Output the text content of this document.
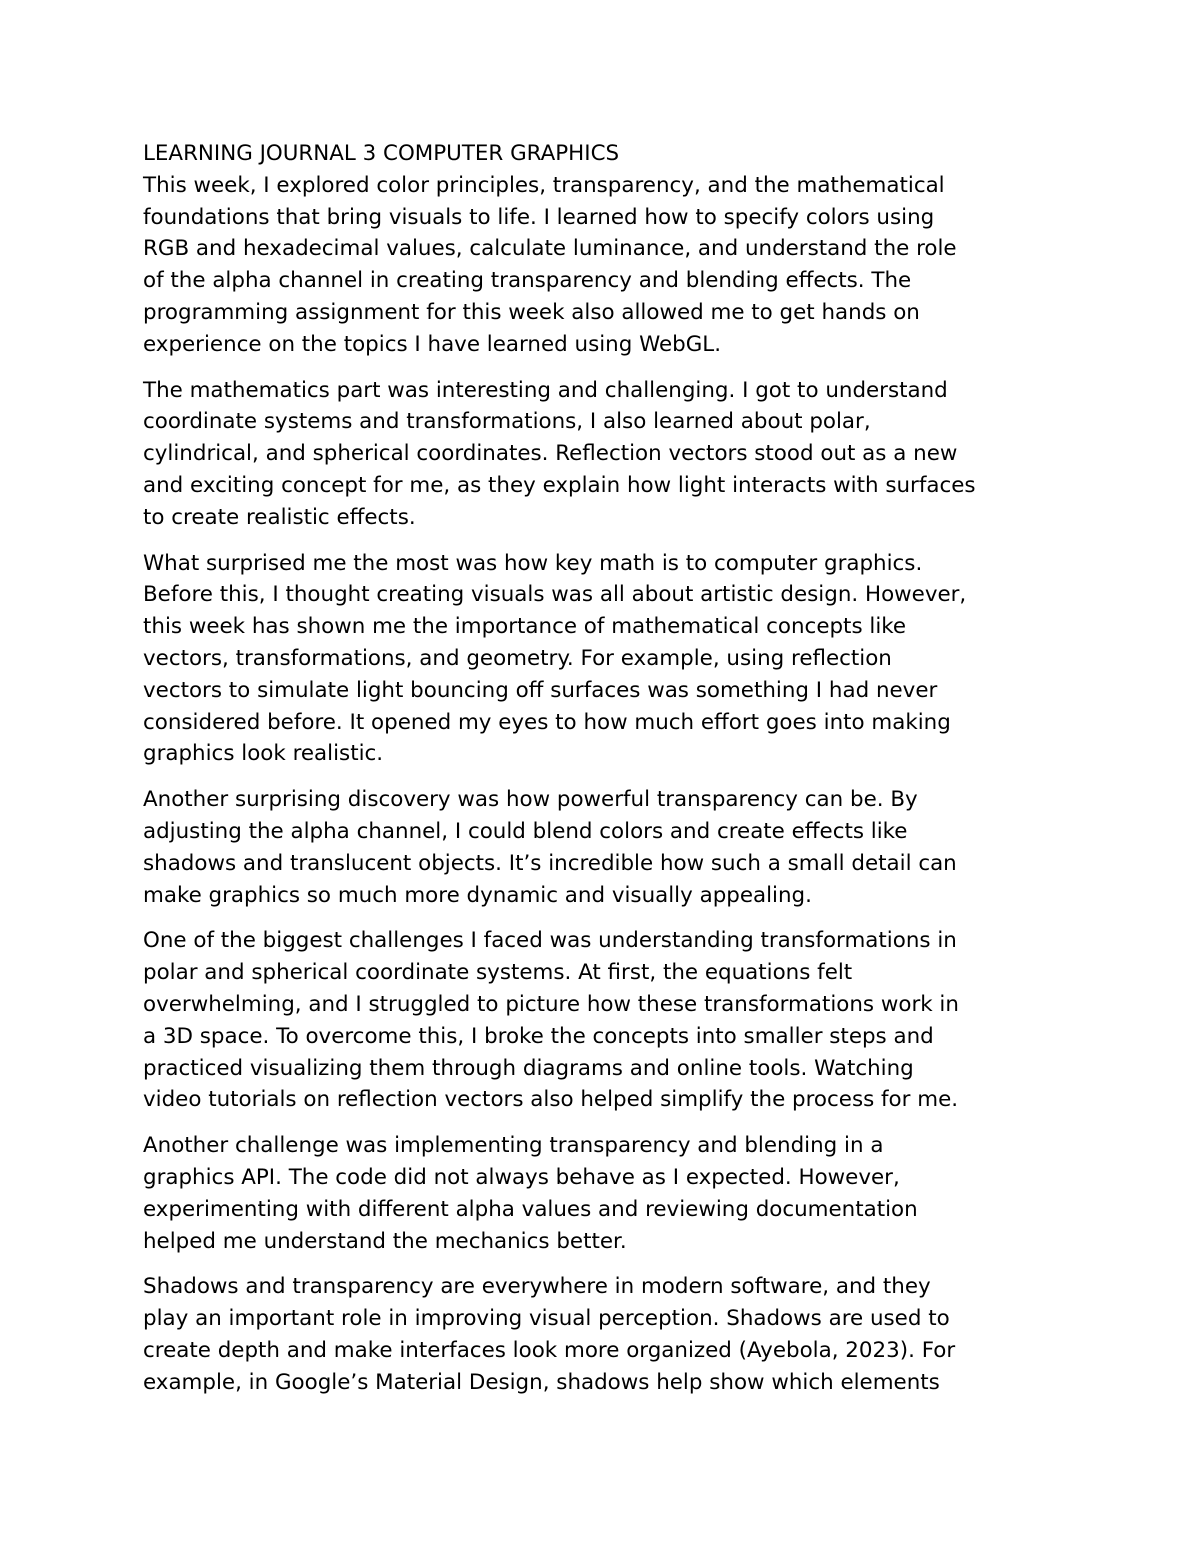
LEARNING JOURNAL 3 COMPUTER GRAPHICS

This week, I explored color principles, transparency, and the mathematical
foundations that bring visuals to life. I learned how to specify colors using
RGB and hexadecimal values, calculate luminance, and understand the role
of the alpha channel in creating transparency and blending effects. The
programming assignment for this week also allowed me to get hands on
experience on the topics I have learned using WebGL.

The mathematics part was interesting and challenging. I got to understand
coordinate systems and transformations, I also learned about polar,
cylindrical, and spherical coordinates. Reflection vectors stood out as a new
and exciting concept for me, as they explain how light interacts with surfaces
to create realistic effects.

What surprised me the most was how key math is to computer graphics.
Before this, I thought creating visuals was all about artistic design. However,
this week has shown me the importance of mathematical concepts like
vectors, transformations, and geometry. For example, using reflection
vectors to simulate light bouncing off surfaces was something I had never
considered before. It opened my eyes to how much effort goes into making
graphics look realistic.

Another surprising discovery was how powerful transparency can be. By
adjusting the alpha channel, I could blend colors and create effects like
shadows and translucent objects. It’s incredible how such a small detail can
make graphics so much more dynamic and visually appealing.

One of the biggest challenges I faced was understanding transformations in
polar and spherical coordinate systems. At first, the equations felt
overwhelming, and I struggled to picture how these transformations work in
a 3D space. To overcome this, I broke the concepts into smaller steps and
practiced visualizing them through diagrams and online tools. Watching
video tutorials on reflection vectors also helped simplify the process for me.

Another challenge was implementing transparency and blending in a
graphics API. The code did not always behave as I expected. However,
experimenting with different alpha values and reviewing documentation
helped me understand the mechanics better.

Shadows and transparency are everywhere in modern software, and they
play an important role in improving visual perception. Shadows are used to
create depth and make interfaces look more organized (Ayebola, 2023). For
example, in Google’s Material Design, shadows help show which elements
